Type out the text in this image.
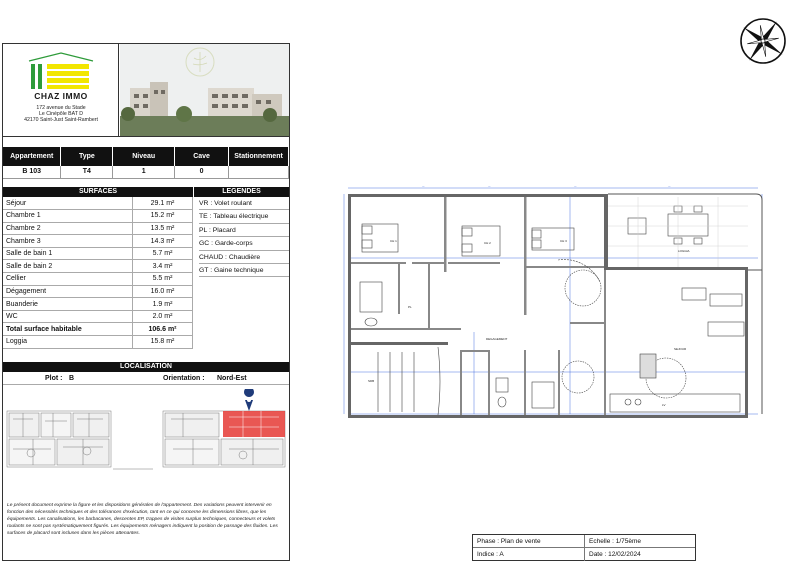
CHAZ IMMO
172 avenue du Stade
Le Cinépôle BAT D
42170 Saint-Just Saint-Rambert
Appartement	Type	Niveau	Cave	Stationnement
B 103	T4	1	0	
SURFACES	LEGENDES
Séjour	29.1 m²
Chambre 1	15.2 m²
Chambre 2	13.5 m²
Chambre 3	14.3 m²
Salle de bain 1	5.7 m²
Salle de bain 2	3.4 m²
Cellier	5.5 m²
Dégagement	16.0 m²
Buanderie	1.9 m²
WC	2.0 m²
Total surface habitable	106.6 m²
Loggia	15.8 m²
VR : Volet roulant
TE : Tableau électrique
PL : Placard
GC : Garde-corps
CHAUD : Chaudière
GT : Gaine technique
LOCALISATION
Plot : B	Orientation : Nord-Est
Le présent document exprime la figure et les dispositions générales de l'appartement. Des variations peuvent intervenir en fonction des nécessités techniques et des tolérances d'exécution, tant en ce qui concerne les dimensions libres, que les équipements. Les canalisations, les barbacanes, descentes EP, trappes de visites surplus techniques, connecteurs et volets roulants ne sont pas systématiquement figurés. Les équipements ménagers indiquent la position de passage des fluides. Les surfaces de placard sont incluses dans les pièces attenantes.
---	---	---	---
CH 1	CH 2	CH 3
DEGAGEMENT
SEJOUR
LOGGIA
SDB
PL
LV
Phase : Plan de vente	Echelle : 1/75ème
Indice : A	Date : 12/02/2024
